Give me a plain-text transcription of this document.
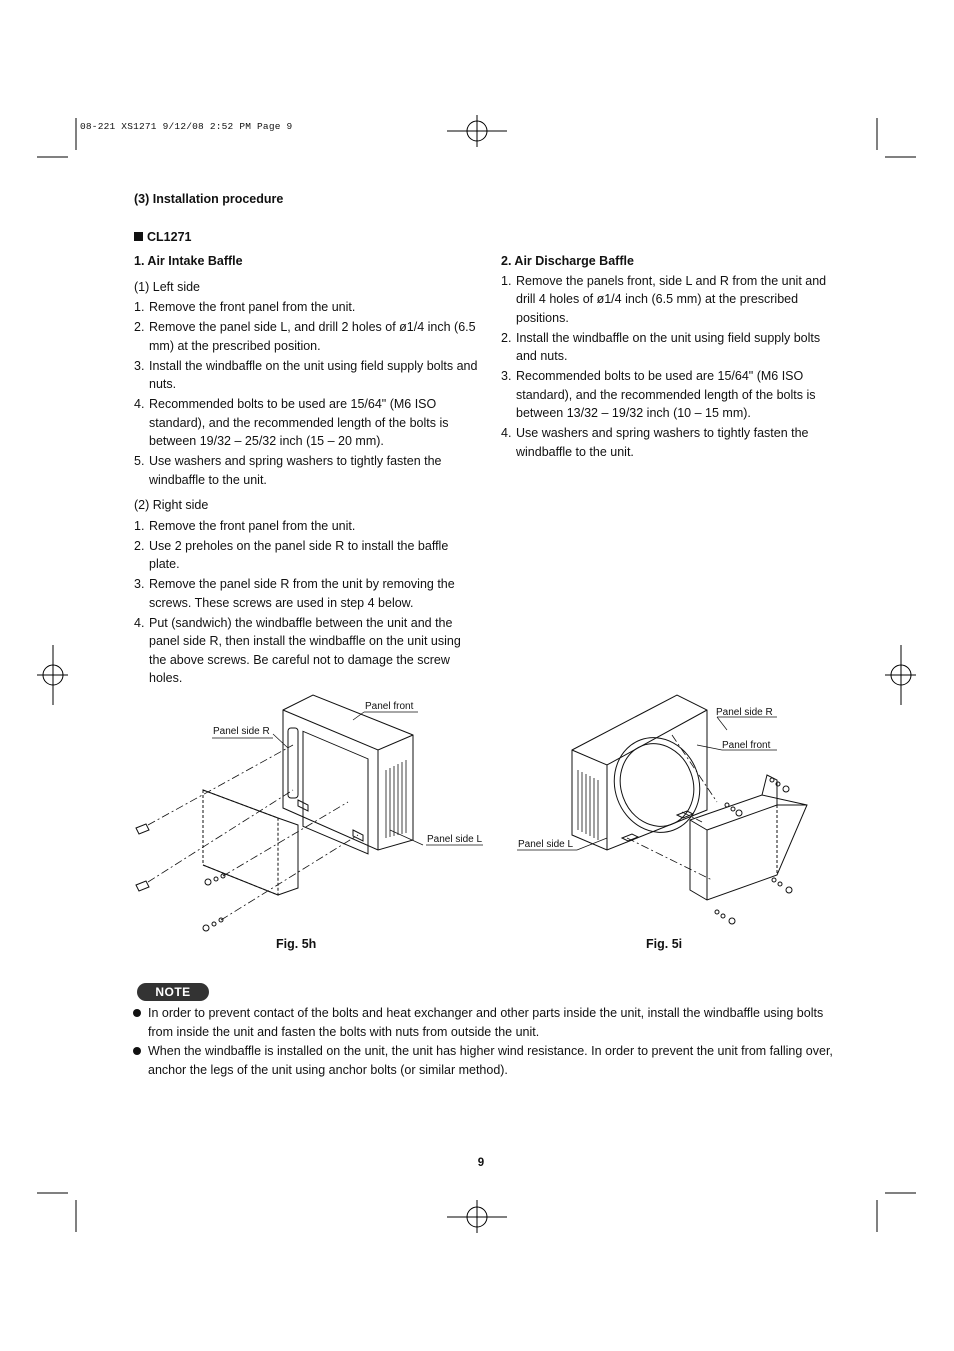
08-221 XS1271 9/12/08 2:52 PM Page 9
(3) Installation procedure
CL1271
1. Air Intake Baffle
(1) Left side
1. Remove the front panel from the unit.
2. Remove the panel side L, and drill 2 holes of ø1/4 inch (6.5 mm) at the prescribed position.
3. Install the windbaffle on the unit using field supply bolts and nuts.
4. Recommended bolts to be used are 15/64" (M6 ISO standard), and the recommended length of the bolts is between 19/32 – 25/32 inch (15 – 20 mm).
5. Use washers and spring washers to tightly fasten the windbaffle to the unit.
(2) Right side
1. Remove the front panel from the unit.
2. Use 2 preholes on the panel side R to install the baffle plate.
3. Remove the panel side R from the unit by removing the screws. These screws are used in step 4 below.
4. Put (sandwich) the windbaffle between the unit and the panel side R, then install the windbaffle on the unit using the above screws. Be careful not to damage the screw holes.
2. Air Discharge Baffle
1. Remove the panels front, side L and R from the unit and drill 4 holes of ø1/4 inch (6.5 mm) at the prescribed positions.
2. Install the windbaffle on the unit using field supply bolts and nuts.
3. Recommended bolts to be used are 15/64" (M6 ISO standard), and the recommended length of the bolts is between 13/32 – 19/32 inch (10 – 15 mm).
4. Use washers and spring washers to tightly fasten the windbaffle to the unit.
Panel front
Panel side R
Panel side L
Panel side R
Panel front
Panel side L
Fig. 5h	Fig. 5i
NOTE
In order to prevent contact of the bolts and heat exchanger and other parts inside the unit, install the windbaffle using bolts from inside the unit and fasten the bolts with nuts from outside the unit.
When the windbaffle is installed on the unit, the unit has higher wind resistance. In order to prevent the unit from falling over, anchor the legs of the unit using anchor bolts (or similar method).
9
